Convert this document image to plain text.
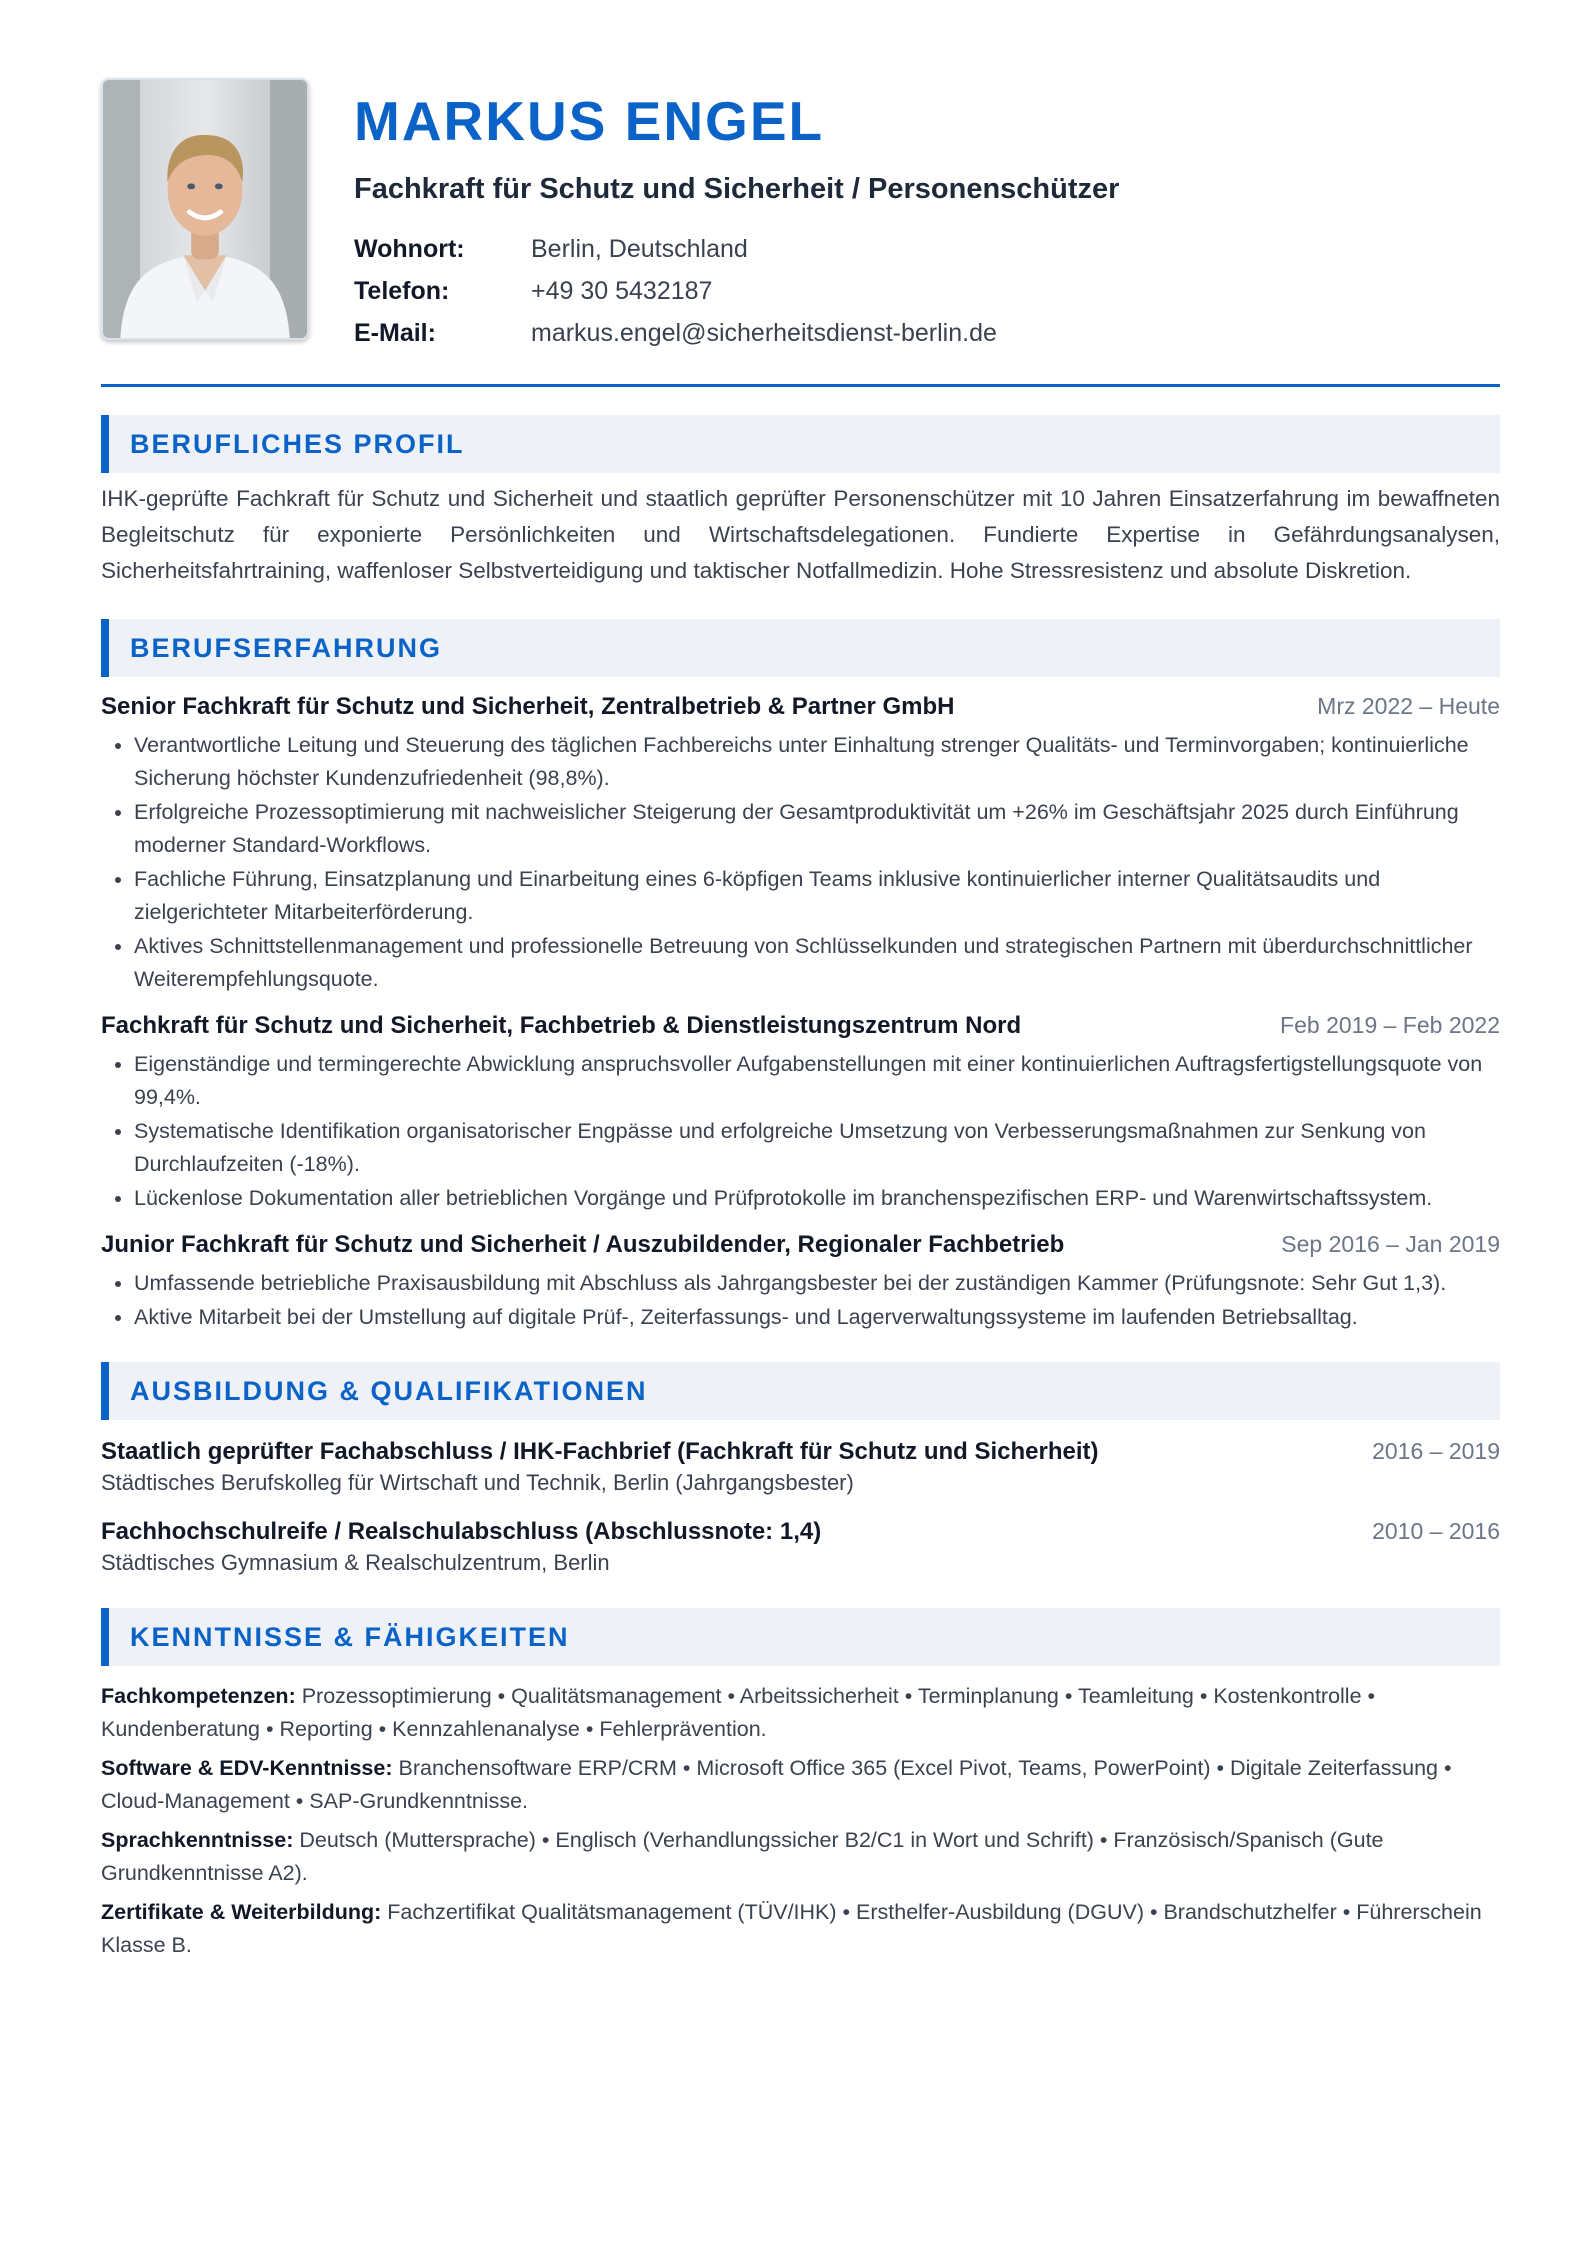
MARKUS ENGEL
Fachkraft für Schutz und Sicherheit / Personenschützer
Wohnort:	Berlin, Deutschland
Telefon:	+49 30 5432187
E-Mail:	markus.engel@sicherheitsdienst-berlin.de
BERUFLICHES PROFIL

IHK-geprüfte Fachkraft für Schutz und Sicherheit und staatlich geprüfter Personenschützer mit 10 Jahren Einsatzerfahrung im bewaffneten Begleitschutz für exponierte Persönlichkeiten und Wirtschaftsdelegationen. Fundierte Expertise in Gefährdungsanalysen, Sicherheitsfahrtraining, waffenloser Selbstverteidigung und taktischer Notfallmedizin. Hohe Stressresistenz und absolute Diskretion.

BERUFSERFAHRUNG
Senior Fachkraft für Schutz und Sicherheit, Zentralbetrieb & Partner GmbH	Mrz 2022 – Heute
• Verantwortliche Leitung und Steuerung des täglichen Fachbereichs unter Einhaltung strenger Qualitäts- und Terminvorgaben; kontinuierliche Sicherung höchster Kundenzufriedenheit (98,8%).
• Erfolgreiche Prozessoptimierung mit nachweislicher Steigerung der Gesamtproduktivität um +26% im Geschäftsjahr 2025 durch Einführung moderner Standard-Workflows.
• Fachliche Führung, Einsatzplanung und Einarbeitung eines 6-köpfigen Teams inklusive kontinuierlicher interner Qualitätsaudits und zielgerichteter Mitarbeiterförderung.
• Aktives Schnittstellenmanagement und professionelle Betreuung von Schlüsselkunden und strategischen Partnern mit überdurchschnittlicher Weiterempfehlungsquote.
Fachkraft für Schutz und Sicherheit, Fachbetrieb & Dienstleistungszentrum Nord	Feb 2019 – Feb 2022
• Eigenständige und termingerechte Abwicklung anspruchsvoller Aufgabenstellungen mit einer kontinuierlichen Auftragsfertigstellungsquote von 99,4%.
• Systematische Identifikation organisatorischer Engpässe und erfolgreiche Umsetzung von Verbesserungsmaßnahmen zur Senkung von Durchlaufzeiten (-18%).
• Lückenlose Dokumentation aller betrieblichen Vorgänge und Prüfprotokolle im branchenspezifischen ERP- und Warenwirtschaftssystem.
Junior Fachkraft für Schutz und Sicherheit / Auszubildender, Regionaler Fachbetrieb	Sep 2016 – Jan 2019
• Umfassende betriebliche Praxisausbildung mit Abschluss als Jahrgangsbester bei der zuständigen Kammer (Prüfungsnote: Sehr Gut 1,3).
• Aktive Mitarbeit bei der Umstellung auf digitale Prüf-, Zeiterfassungs- und Lagerverwaltungssysteme im laufenden Betriebsalltag.
AUSBILDUNG & QUALIFIKATIONEN
Staatlich geprüfter Fachabschluss / IHK-Fachbrief (Fachkraft für Schutz und Sicherheit)	2016 – 2019
Städtisches Berufskolleg für Wirtschaft und Technik, Berlin (Jahrgangsbester)
Fachhochschulreife / Realschulabschluss (Abschlussnote: 1,4)	2010 – 2016
Städtisches Gymnasium & Realschulzentrum, Berlin
KENNTNISSE & FÄHIGKEITEN
Fachkompetenzen: Prozessoptimierung • Qualitätsmanagement • Arbeitssicherheit • Terminplanung • Teamleitung • Kostenkontrolle • Kundenberatung • Reporting • Kennzahlenanalyse • Fehlerprävention.
Software & EDV-Kenntnisse: Branchensoftware ERP/CRM • Microsoft Office 365 (Excel Pivot, Teams, PowerPoint) • Digitale Zeiterfassung • Cloud-Management • SAP-Grundkenntnisse.
Sprachkenntnisse: Deutsch (Muttersprache) • Englisch (Verhandlungssicher B2/C1 in Wort und Schrift) • Französisch/Spanisch (Gute Grundkenntnisse A2).
Zertifikate & Weiterbildung: Fachzertifikat Qualitätsmanagement (TÜV/IHK) • Ersthelfer-Ausbildung (DGUV) • Brandschutzhelfer • Führerschein Klasse B.
